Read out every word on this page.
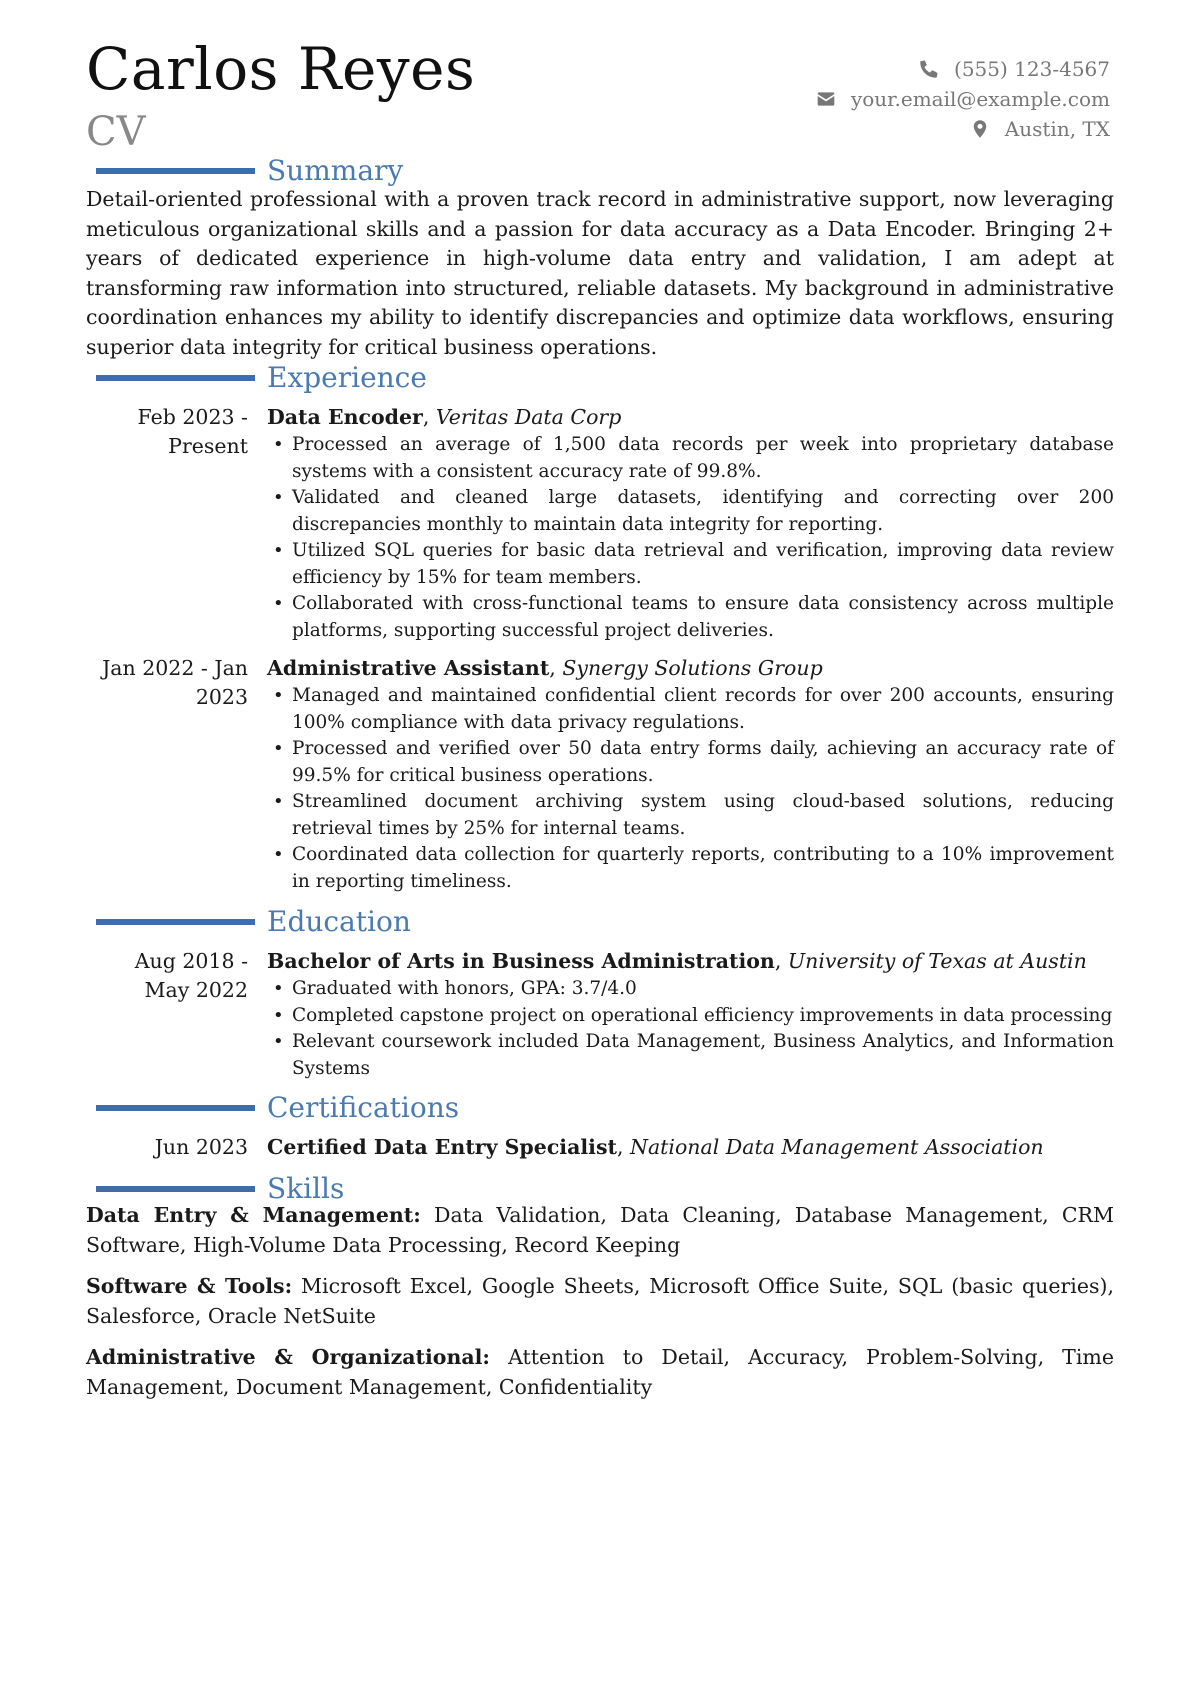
Carlos Reyes
CV
(555) 123-4567
your.email@example.com
Austin, TX
Summary
Detail-oriented professional with a proven track record in administrative support, now leveraging meticulous organizational skills and a passion for data accuracy as a Data Encoder. Bringing 2+ years of dedicated experience in high-volume data entry and validation, I am adept at transforming raw information into structured, reliable datasets. My background in administrative coordination enhances my ability to identify discrepancies and optimize data workflows, ensuring superior data integrity for critical business operations.
Experience
Feb 2023 - Present
Data Encoder, Veritas Data Corp
• Processed an average of 1,500 data records per week into proprietary database systems with a consistent accuracy rate of 99.8%.
• Validated and cleaned large datasets, identifying and correcting over 200 discrepancies monthly to maintain data integrity for reporting.
• Utilized SQL queries for basic data retrieval and verification, improving data review efficiency by 15% for team members.
• Collaborated with cross-functional teams to ensure data consistency across multiple platforms, supporting successful project deliveries.
Jan 2022 - Jan 2023
Administrative Assistant, Synergy Solutions Group
• Managed and maintained confidential client records for over 200 accounts, ensuring 100% compliance with data privacy regulations.
• Processed and verified over 50 data entry forms daily, achieving an accuracy rate of 99.5% for critical business operations.
• Streamlined document archiving system using cloud-based solutions, reducing retrieval times by 25% for internal teams.
• Coordinated data collection for quarterly reports, contributing to a 10% improvement in reporting timeliness.
Education
Aug 2018 - May 2022
Bachelor of Arts in Business Administration, University of Texas at Austin
• Graduated with honors, GPA: 3.7/4.0
• Completed capstone project on operational efficiency improvements in data processing
• Relevant coursework included Data Management, Business Analytics, and Information Systems
Certifications
Jun 2023 Certified Data Entry Specialist, National Data Management Association
Skills
Data Entry & Management: Data Validation, Data Cleaning, Database Management, CRM Software, High-Volume Data Processing, Record Keeping
Software & Tools: Microsoft Excel, Google Sheets, Microsoft Office Suite, SQL (basic queries), Salesforce, Oracle NetSuite
Administrative & Organizational: Attention to Detail, Accuracy, Problem-Solving, Time Management, Document Management, Confidentiality
